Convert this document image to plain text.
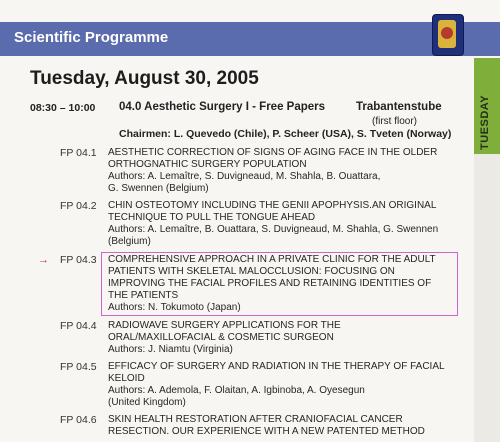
Scientific Programme
TUESDAY
Tuesday, August 30, 2005
08:30 – 10:00 04.0 Aesthetic Surgery I - Free Papers	Trabantenstube
(first floor)
Chairmen: L. Quevedo (Chile), P. Scheer (USA), S. Tveten (Norway)
FP 04.1 AESTHETIC CORRECTION OF SIGNS OF AGING FACE IN THE OLDER
ORTHOGNATHIC SURGERY POPULATION
Authors: A. Lemaître, S. Duvigneaud, M. Shahla, B. Ouattara,
G. Swennen (Belgium)
FP 04.2 CHIN OSTEOTOMY INCLUDING THE GENII APOPHYSIS.AN ORIGINAL
TECHNIQUE TO PULL THE TONGUE AHEAD
Authors: A. Lemaître, B. Ouattara, S. Duvigneaud, M. Shahla, G. Swennen
(Belgium)
→ FP 04.3 COMPREHENSIVE APPROACH IN A PRIVATE CLINIC FOR THE ADULT
PATIENTS WITH SKELETAL MALOCCLUSION: FOCUSING ON
IMPROVING THE FACIAL PROFILES AND RETAINING IDENTITIES OF
THE PATIENTS
Authors: N. Tokumoto (Japan)
FP 04.4 RADIOWAVE SURGERY APPLICATIONS FOR THE
ORAL/MAXILLOFACIAL & COSMETIC SURGEON
Authors: J. Niamtu (Virginia)
FP 04.5 EFFICACY OF SURGERY AND RADIATION IN THE THERAPY OF FACIAL
KELOID
Authors: A. Ademola, F. Olaitan, A. Igbinoba, A. Oyesegun
(United Kingdom)
FP 04.6 SKIN HEALTH RESTORATION AFTER CRANIOFACIAL CANCER
RESECTION. OUR EXPERIENCE WITH A NEW PATENTED METHOD
